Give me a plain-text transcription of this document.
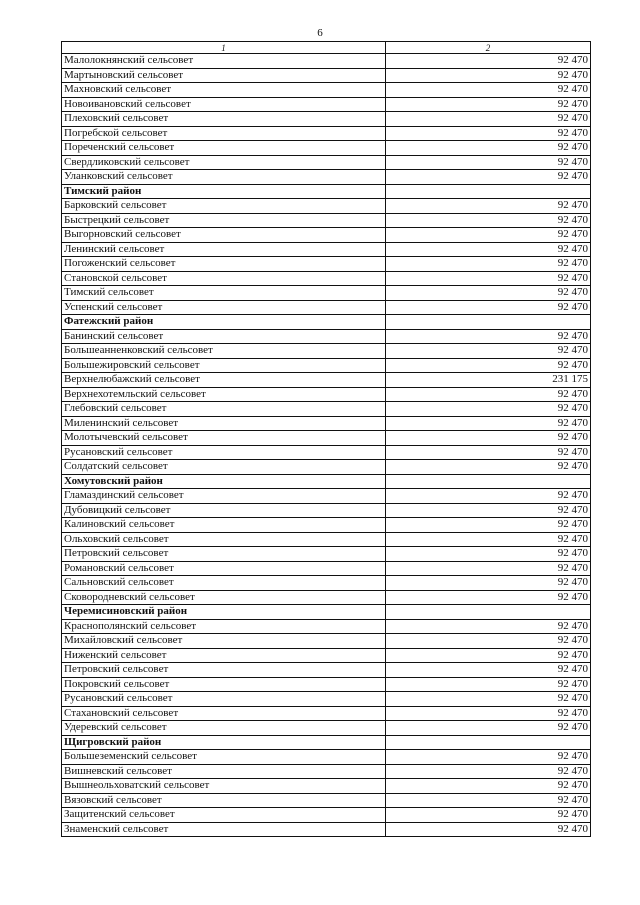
6
1	2
Малолокнянский сельсовет	92 470
Мартыновский сельсовет	92 470
Махновский сельсовет	92 470
Новоивановский сельсовет	92 470
Плеховский сельсовет	92 470
Погребской сельсовет	92 470
Пореченский сельсовет	92 470
Свердликовский сельсовет	92 470
Уланковский сельсовет	92 470
Тимский район	
Барковский сельсовет	92 470
Быстрецкий сельсовет	92 470
Выгорновский сельсовет	92 470
Ленинский сельсовет	92 470
Погоженский сельсовет	92 470
Становской сельсовет	92 470
Тимский сельсовет	92 470
Успенский сельсовет	92 470
Фатежский район	
Банинский сельсовет	92 470
Большеанненковский сельсовет	92 470
Большежировский сельсовет	92 470
Верхнелюбажский сельсовет	231 175
Верхнехотемльский сельсовет	92 470
Глебовский сельсовет	92 470
Миленинский сельсовет	92 470
Молотычевский сельсовет	92 470
Русановский сельсовет	92 470
Солдатский сельсовет	92 470
Хомутовский район	
Гламаздинский сельсовет	92 470
Дубовицкий сельсовет	92 470
Калиновский сельсовет	92 470
Ольховский сельсовет	92 470
Петровский сельсовет	92 470
Романовский сельсовет	92 470
Сальновский сельсовет	92 470
Сковородневский сельсовет	92 470
Черемисиновский район	
Краснополянский сельсовет	92 470
Михайловский сельсовет	92 470
Ниженский сельсовет	92 470
Петровский сельсовет	92 470
Покровский сельсовет	92 470
Русановский сельсовет	92 470
Стахановский сельсовет	92 470
Удеревский сельсовет	92 470
Щигровский район	
Большеземенский сельсовет	92 470
Вишневский сельсовет	92 470
Вышнеольховатский сельсовет	92 470
Вязовский сельсовет	92 470
Защитенский сельсовет	92 470
Знаменский сельсовет	92 470
